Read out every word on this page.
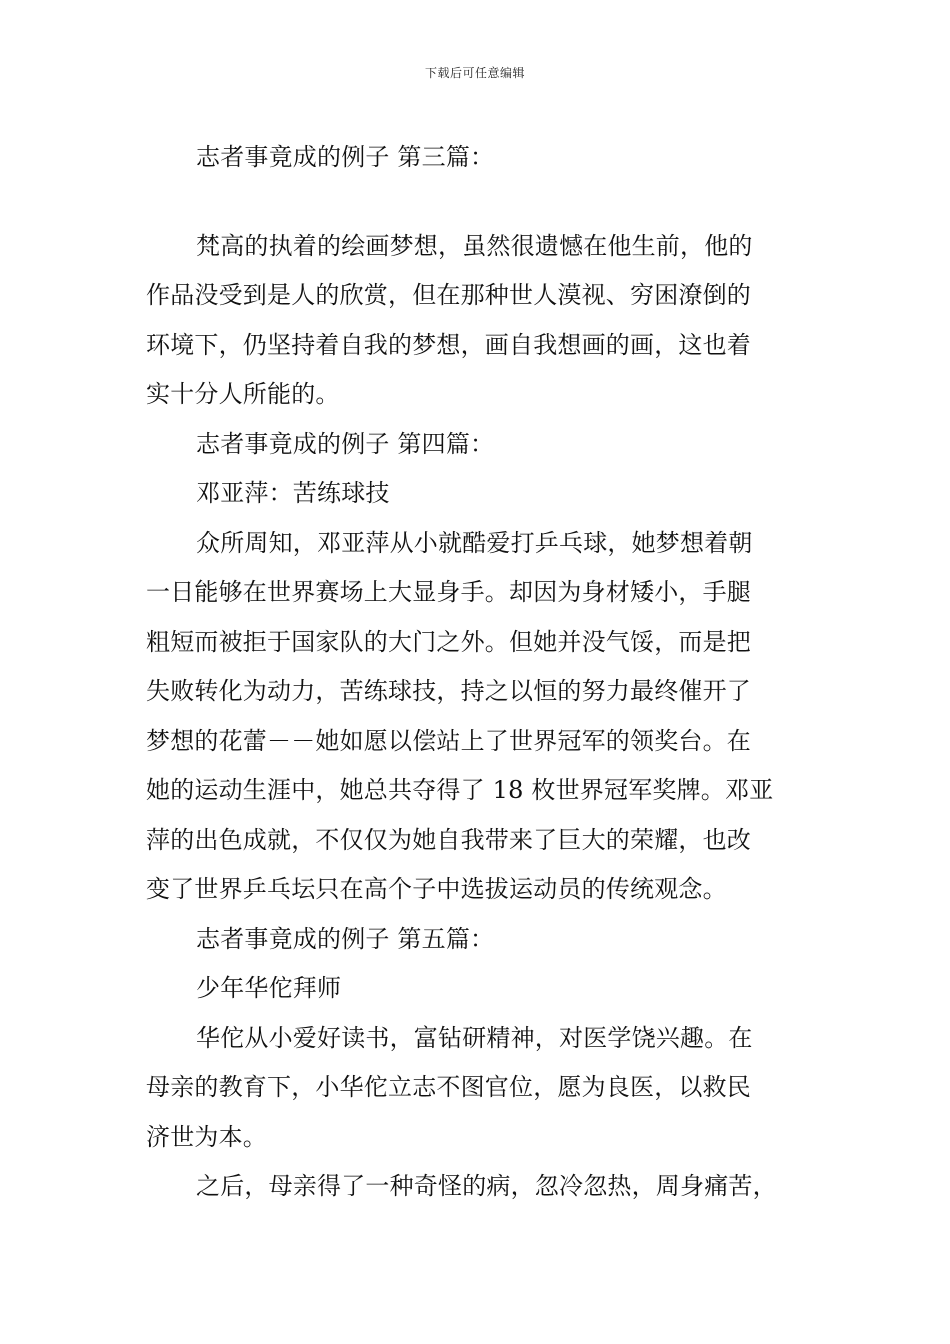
下载后可任意编辑
志者事竟成的例子 第三篇：
梵高的执着的绘画梦想，虽然很遗憾在他生前，他的
作品没受到是人的欣赏，但在那种世人漠视、穷困潦倒的
环境下，仍坚持着自我的梦想，画自我想画的画，这也着
实十分人所能的。
志者事竟成的例子 第四篇：
邓亚萍：苦练球技
众所周知，邓亚萍从小就酷爱打乒乓球，她梦想着朝
一日能够在世界赛场上大显身手。却因为身材矮小，手腿
粗短而被拒于国家队的大门之外。但她并没气馁，而是把
失败转化为动力，苦练球技，持之以恒的努力最终催开了
梦想的花蕾－－她如愿以偿站上了世界冠军的领奖台。在
她的运动生涯中，她总共夺得了 18 枚世界冠军奖牌。邓亚
萍的出色成就，不仅仅为她自我带来了巨大的荣耀，也改
变了世界乒乓坛只在高个子中选拔运动员的传统观念。
志者事竟成的例子 第五篇：
少年华佗拜师
华佗从小爱好读书，富钻研精神，对医学饶兴趣。在
母亲的教育下，小华佗立志不图官位，愿为良医，以救民
济世为本。
之后，母亲得了一种奇怪的病，忽冷忽热，周身痛苦，
